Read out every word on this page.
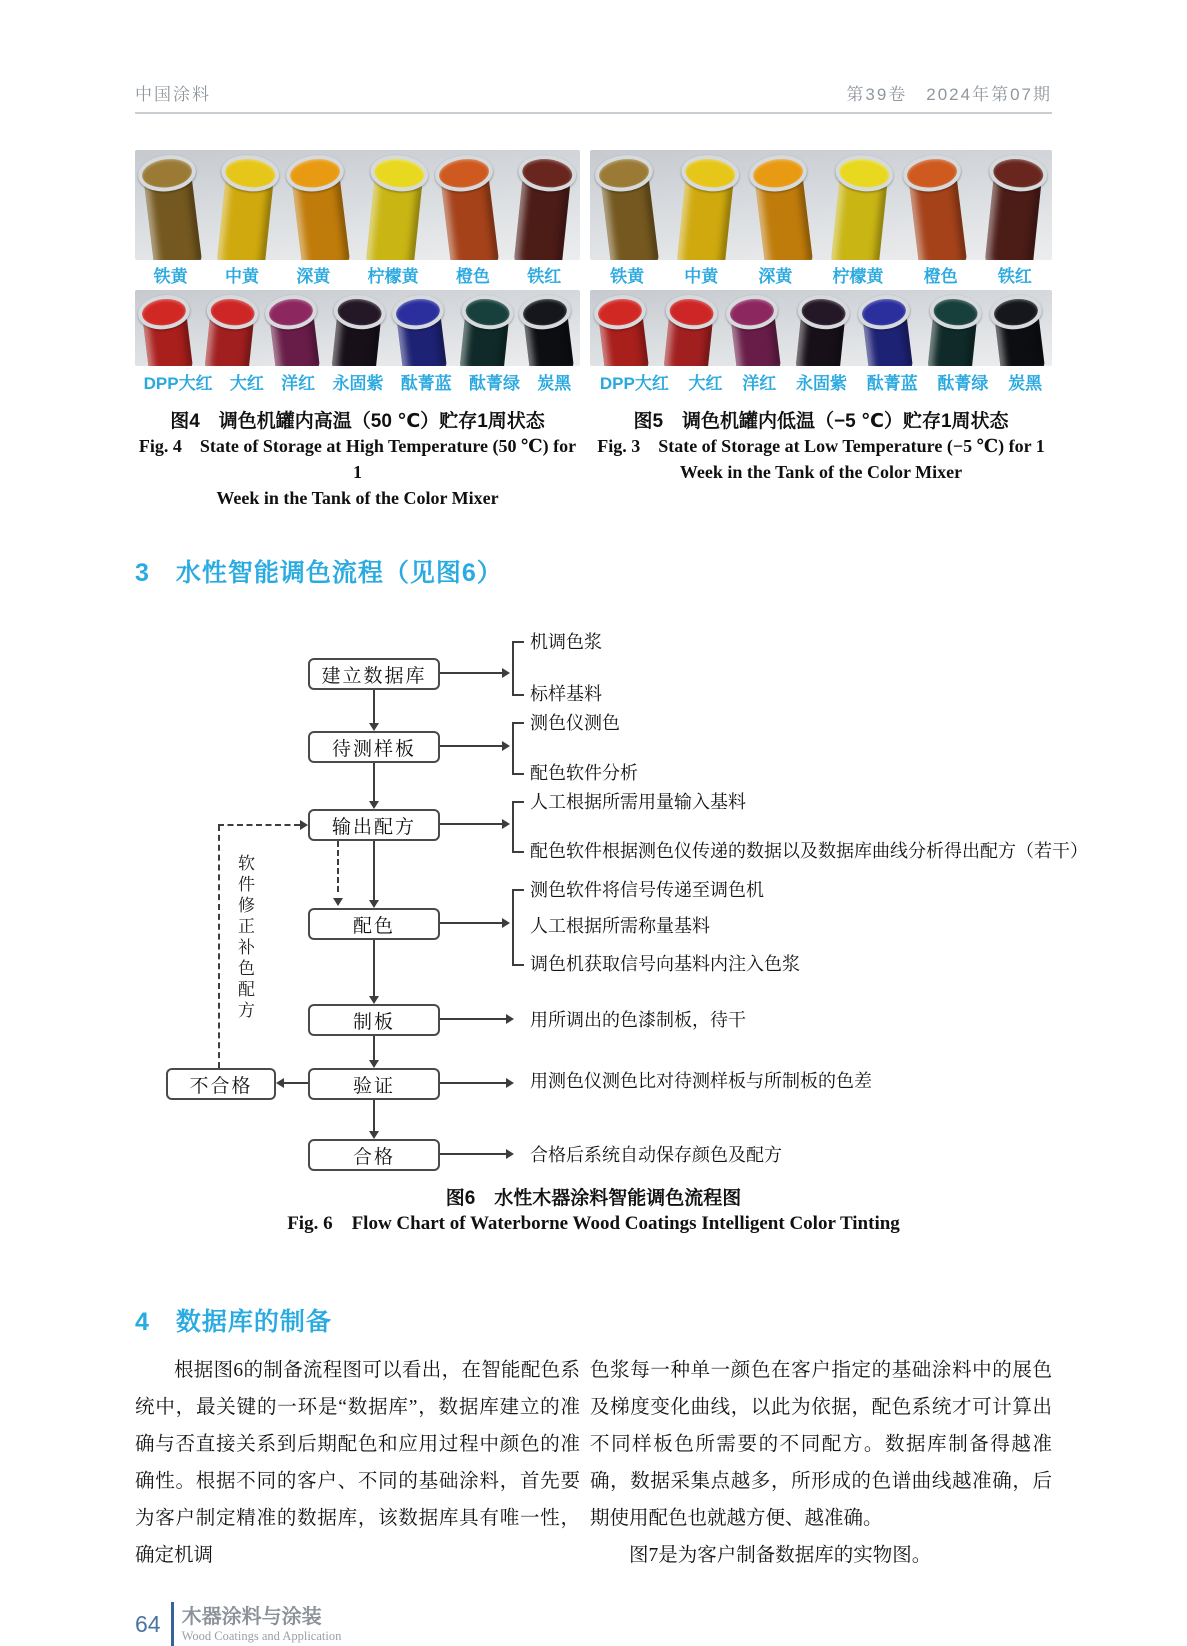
中国涂料	第39卷　2024年第07期
铁黄 中黄 深黄 柠檬黄 橙色 铁红
DPP大红 大红 洋红 永固紫 酞菁蓝 酞菁绿 炭黑
图4　调色机罐内高温（50 ℃）贮存1周状态
Fig. 4　State of Storage at High Temperature (50 ℃) for 1
Week in the Tank of the Color Mixer
铁黄 中黄 深黄 柠檬黄 橙色 铁红
DPP大红 大红 洋红 永固紫 酞菁蓝 酞菁绿 炭黑
图5　调色机罐内低温（−5 ℃）贮存1周状态
Fig. 3　State of Storage at Low Temperature (−5 ℃) for 1
Week in the Tank of the Color Mixer
3 水性智能调色流程（见图6）
建立数据库
待测样板
输出配方
配色
制板
验证
合格
不合格
软件修正补色配方
机调色浆
标样基料
测色仪测色
配色软件分析
人工根据所需用量输入基料
配色软件根据测色仪传递的数据以及数据库曲线分析得出配方（若干）
测色软件将信号传递至调色机
人工根据所需称量基料
调色机获取信号向基料内注入色浆
用所调出的色漆制板，待干
用测色仪测色比对待测样板与所制板的色差
合格后系统自动保存颜色及配方
图6　水性木器涂料智能调色流程图
Fig. 6　Flow Chart of Waterborne Wood Coatings Intelligent Color Tinting
4 数据库的制备

根据图6的制备流程图可以看出，在智能配色系统中，最关键的一环是“数据库”，数据库建立的准确与否直接关系到后期配色和应用过程中颜色的准确性。根据不同的客户、不同的基础涂料，首先要为客户制定精准的数据库，该数据库具有唯一性，确定机调

色浆每一种单一颜色在客户指定的基础涂料中的展色及梯度变化曲线，以此为依据，配色系统才可计算出不同样板色所需要的不同配方。数据库制备得越准确，数据采集点越多，所形成的色谱曲线越准确，后期使用配色也就越方便、越准确。

图7是为客户制备数据库的实物图。

64 木器涂料与涂装
Wood Coatings and Application
